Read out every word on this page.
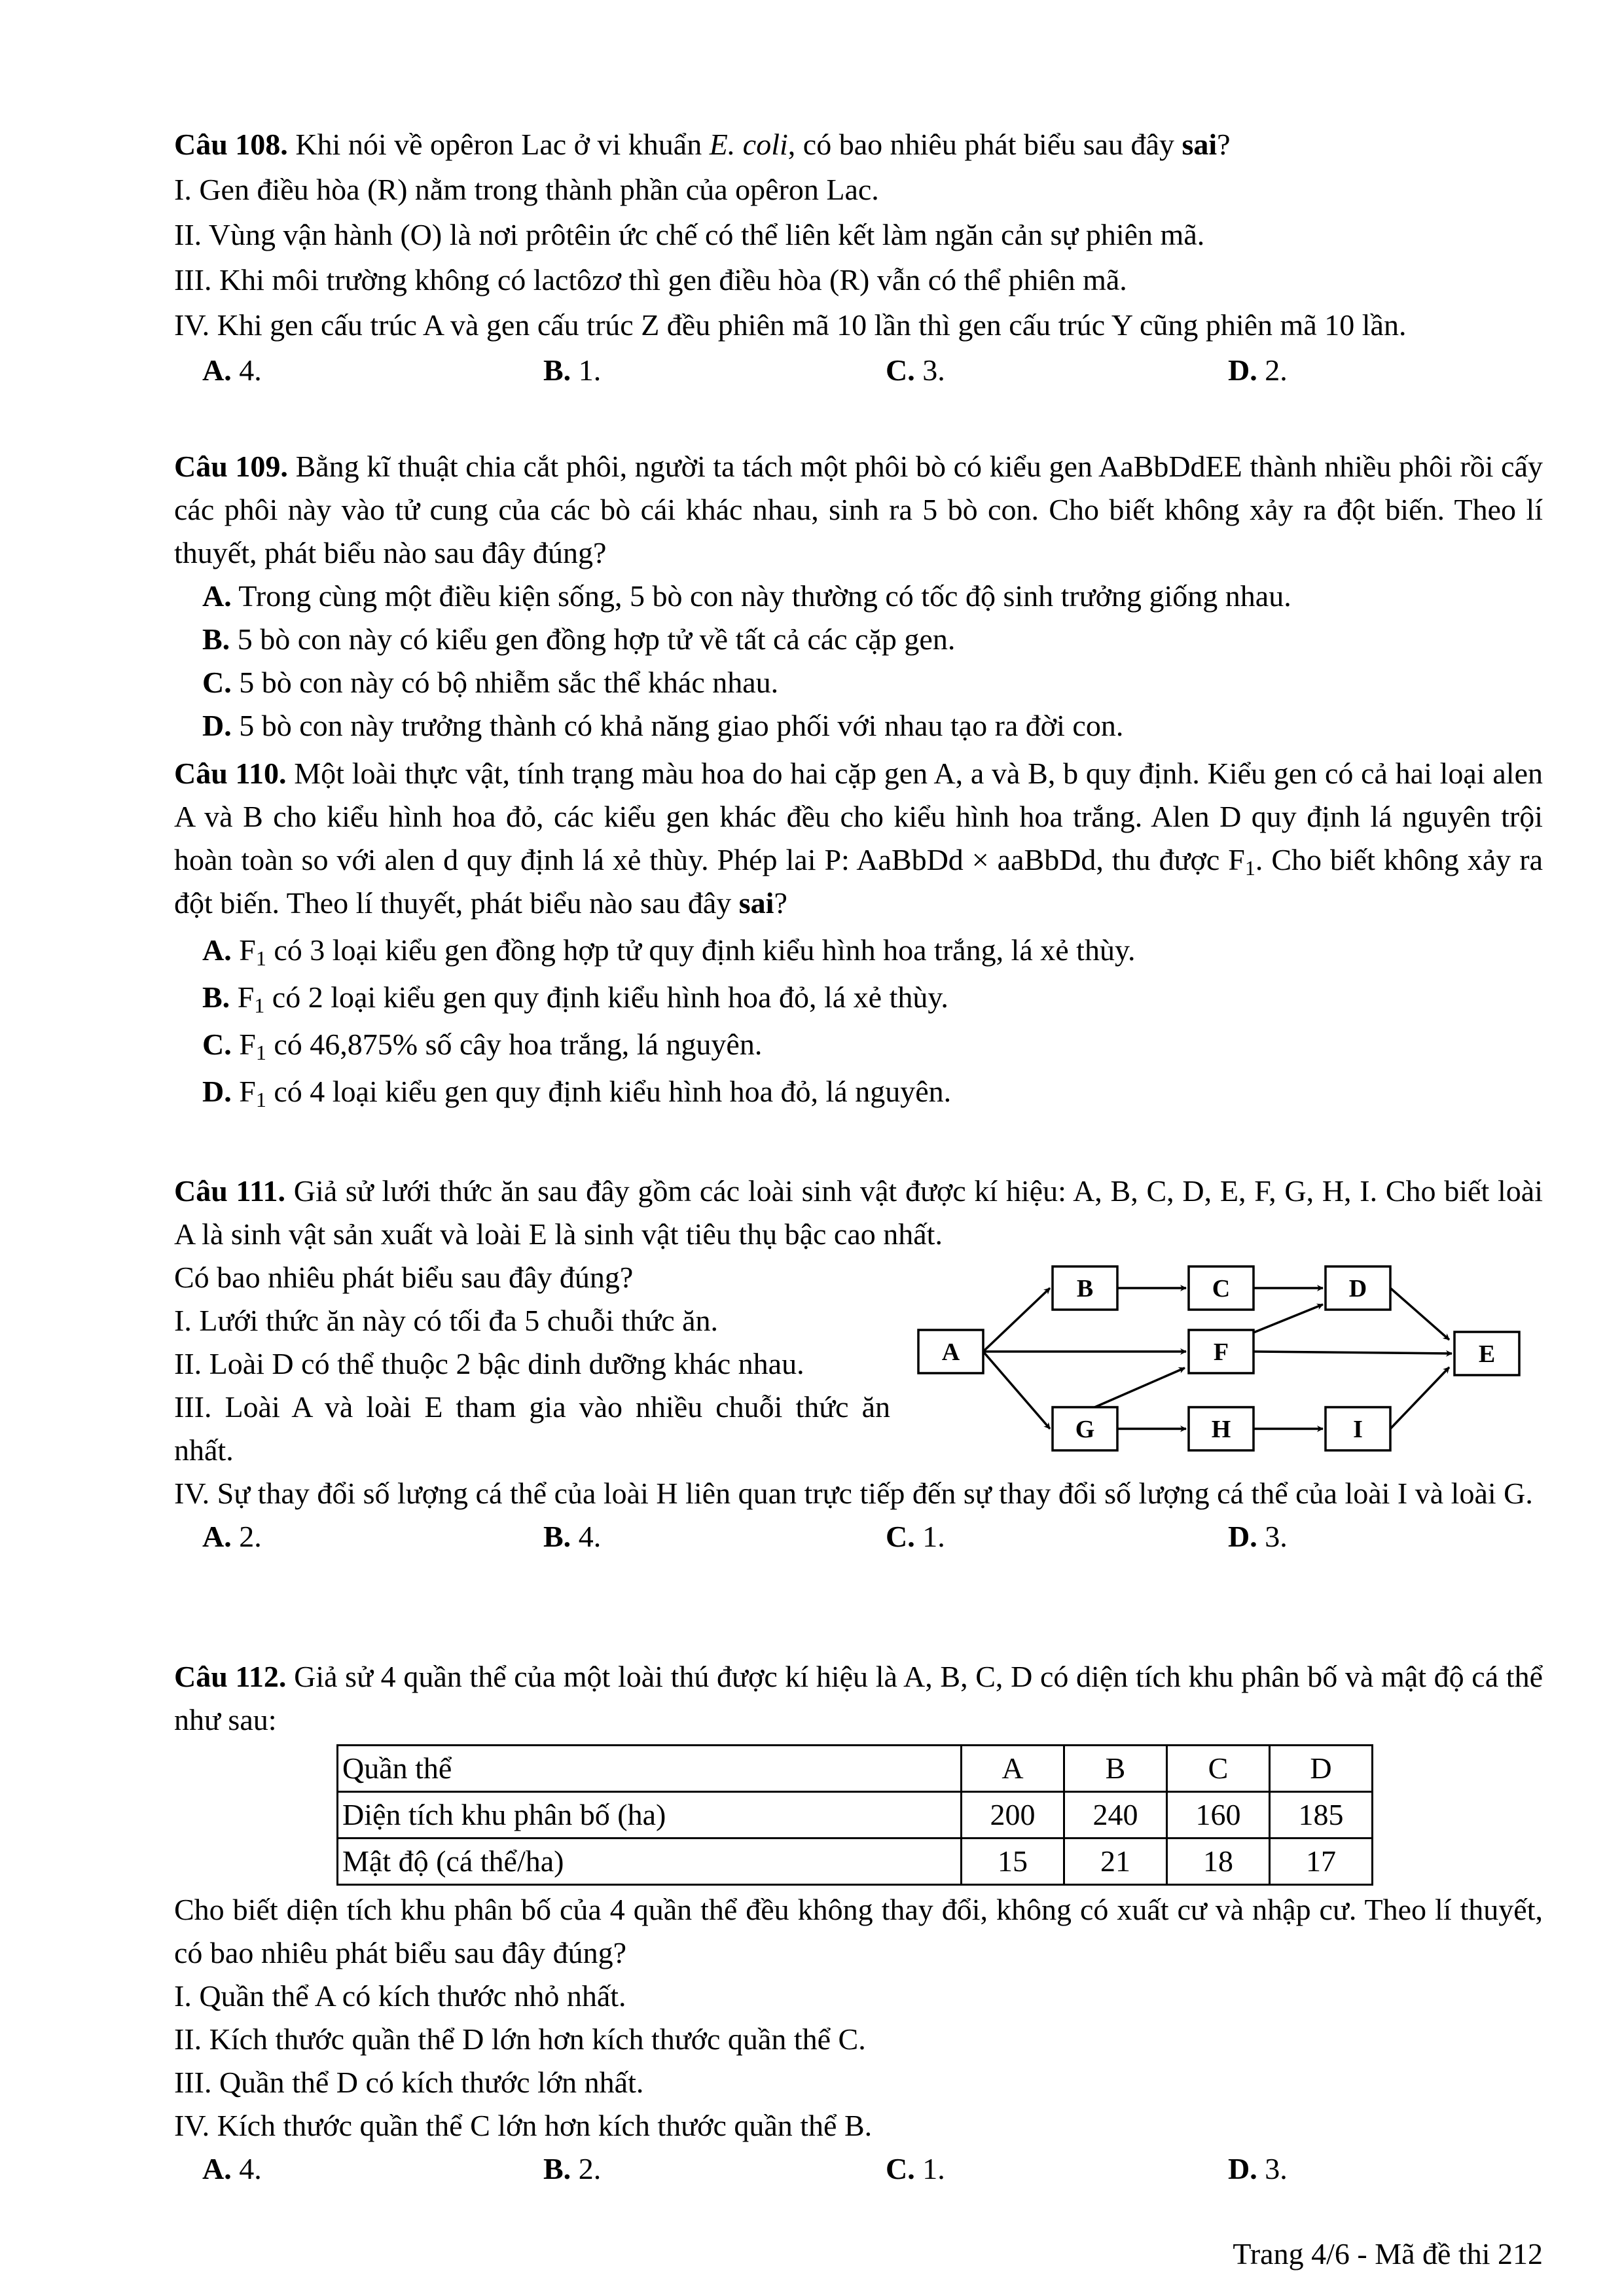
Câu 108. Khi nói về opêron Lac ở vi khuẩn E. coli, có bao nhiêu phát biểu sau đây sai?
I. Gen điều hòa (R) nằm trong thành phần của opêron Lac.
II. Vùng vận hành (O) là nơi prôtêin ức chế có thể liên kết làm ngăn cản sự phiên mã.
III. Khi môi trường không có lactôzơ thì gen điều hòa (R) vẫn có thể phiên mã.
IV. Khi gen cấu trúc A và gen cấu trúc Z đều phiên mã 10 lần thì gen cấu trúc Y cũng phiên mã 10 lần.
A. 4.	B. 1.	C. 3.	D. 2.
Câu 109. Bằng kĩ thuật chia cắt phôi, người ta tách một phôi bò có kiểu gen AaBbDdEE thành nhiều phôi rồi cấy các phôi này vào tử cung của các bò cái khác nhau, sinh ra 5 bò con. Cho biết không xảy ra đột biến. Theo lí thuyết, phát biểu nào sau đây đúng?
A. Trong cùng một điều kiện sống, 5 bò con này thường có tốc độ sinh trưởng giống nhau.
B. 5 bò con này có kiểu gen đồng hợp tử về tất cả các cặp gen.
C. 5 bò con này có bộ nhiễm sắc thể khác nhau.
D. 5 bò con này trưởng thành có khả năng giao phối với nhau tạo ra đời con.
Câu 110. Một loài thực vật, tính trạng màu hoa do hai cặp gen A, a và B, b quy định. Kiểu gen có cả hai loại alen A và B cho kiểu hình hoa đỏ, các kiểu gen khác đều cho kiểu hình hoa trắng. Alen D quy định lá nguyên trội hoàn toàn so với alen d quy định lá xẻ thùy. Phép lai P: AaBbDd × aaBbDd, thu được $F_1$. Cho biết không xảy ra đột biến. Theo lí thuyết, phát biểu nào sau đây sai?
A. $F_1$ có 3 loại kiểu gen đồng hợp tử quy định kiểu hình hoa trắng, lá xẻ thùy.
B. $F_1$ có 2 loại kiểu gen quy định kiểu hình hoa đỏ, lá xẻ thùy.
C. $F_1$ có 46,875% số cây hoa trắng, lá nguyên.
D. $F_1$ có 4 loại kiểu gen quy định kiểu hình hoa đỏ, lá nguyên.
Câu 111. Giả sử lưới thức ăn sau đây gồm các loài sinh vật được kí hiệu: A, B, C, D, E, F, G, H, I. Cho biết loài A là sinh vật sản xuất và loài E là sinh vật tiêu thụ bậc cao nhất.
Có bao nhiêu phát biểu sau đây đúng?
I. Lưới thức ăn này có tối đa 5 chuỗi thức ăn.
II. Loài D có thể thuộc 2 bậc dinh dưỡng khác nhau.
III. Loài A và loài E tham gia vào nhiều chuỗi thức ăn nhất.
IV. Sự thay đổi số lượng cá thể của loài H liên quan trực tiếp đến sự thay đổi số lượng cá thể của loài I và loài G.
A. 2.	B. 4.	C. 1.	D. 3.
A
B	C	D
E
F
G	H	I
Câu 112. Giả sử 4 quần thể của một loài thú được kí hiệu là A, B, C, D có diện tích khu phân bố và mật độ cá thể như sau:
Quần thể	A	B	C	D
Diện tích khu phân bố (ha)	200	240	160	185
Mật độ (cá thể/ha)	15	21	18	17
Cho biết diện tích khu phân bố của 4 quần thể đều không thay đổi, không có xuất cư và nhập cư. Theo lí thuyết, có bao nhiêu phát biểu sau đây đúng?
I. Quần thể A có kích thước nhỏ nhất.
II. Kích thước quần thể D lớn hơn kích thước quần thể C.
III. Quần thể D có kích thước lớn nhất.
IV. Kích thước quần thể C lớn hơn kích thước quần thể B.
A. 4.	B. 2.	C. 1.	D. 3.
Trang 4/6 - Mã đề thi 212
